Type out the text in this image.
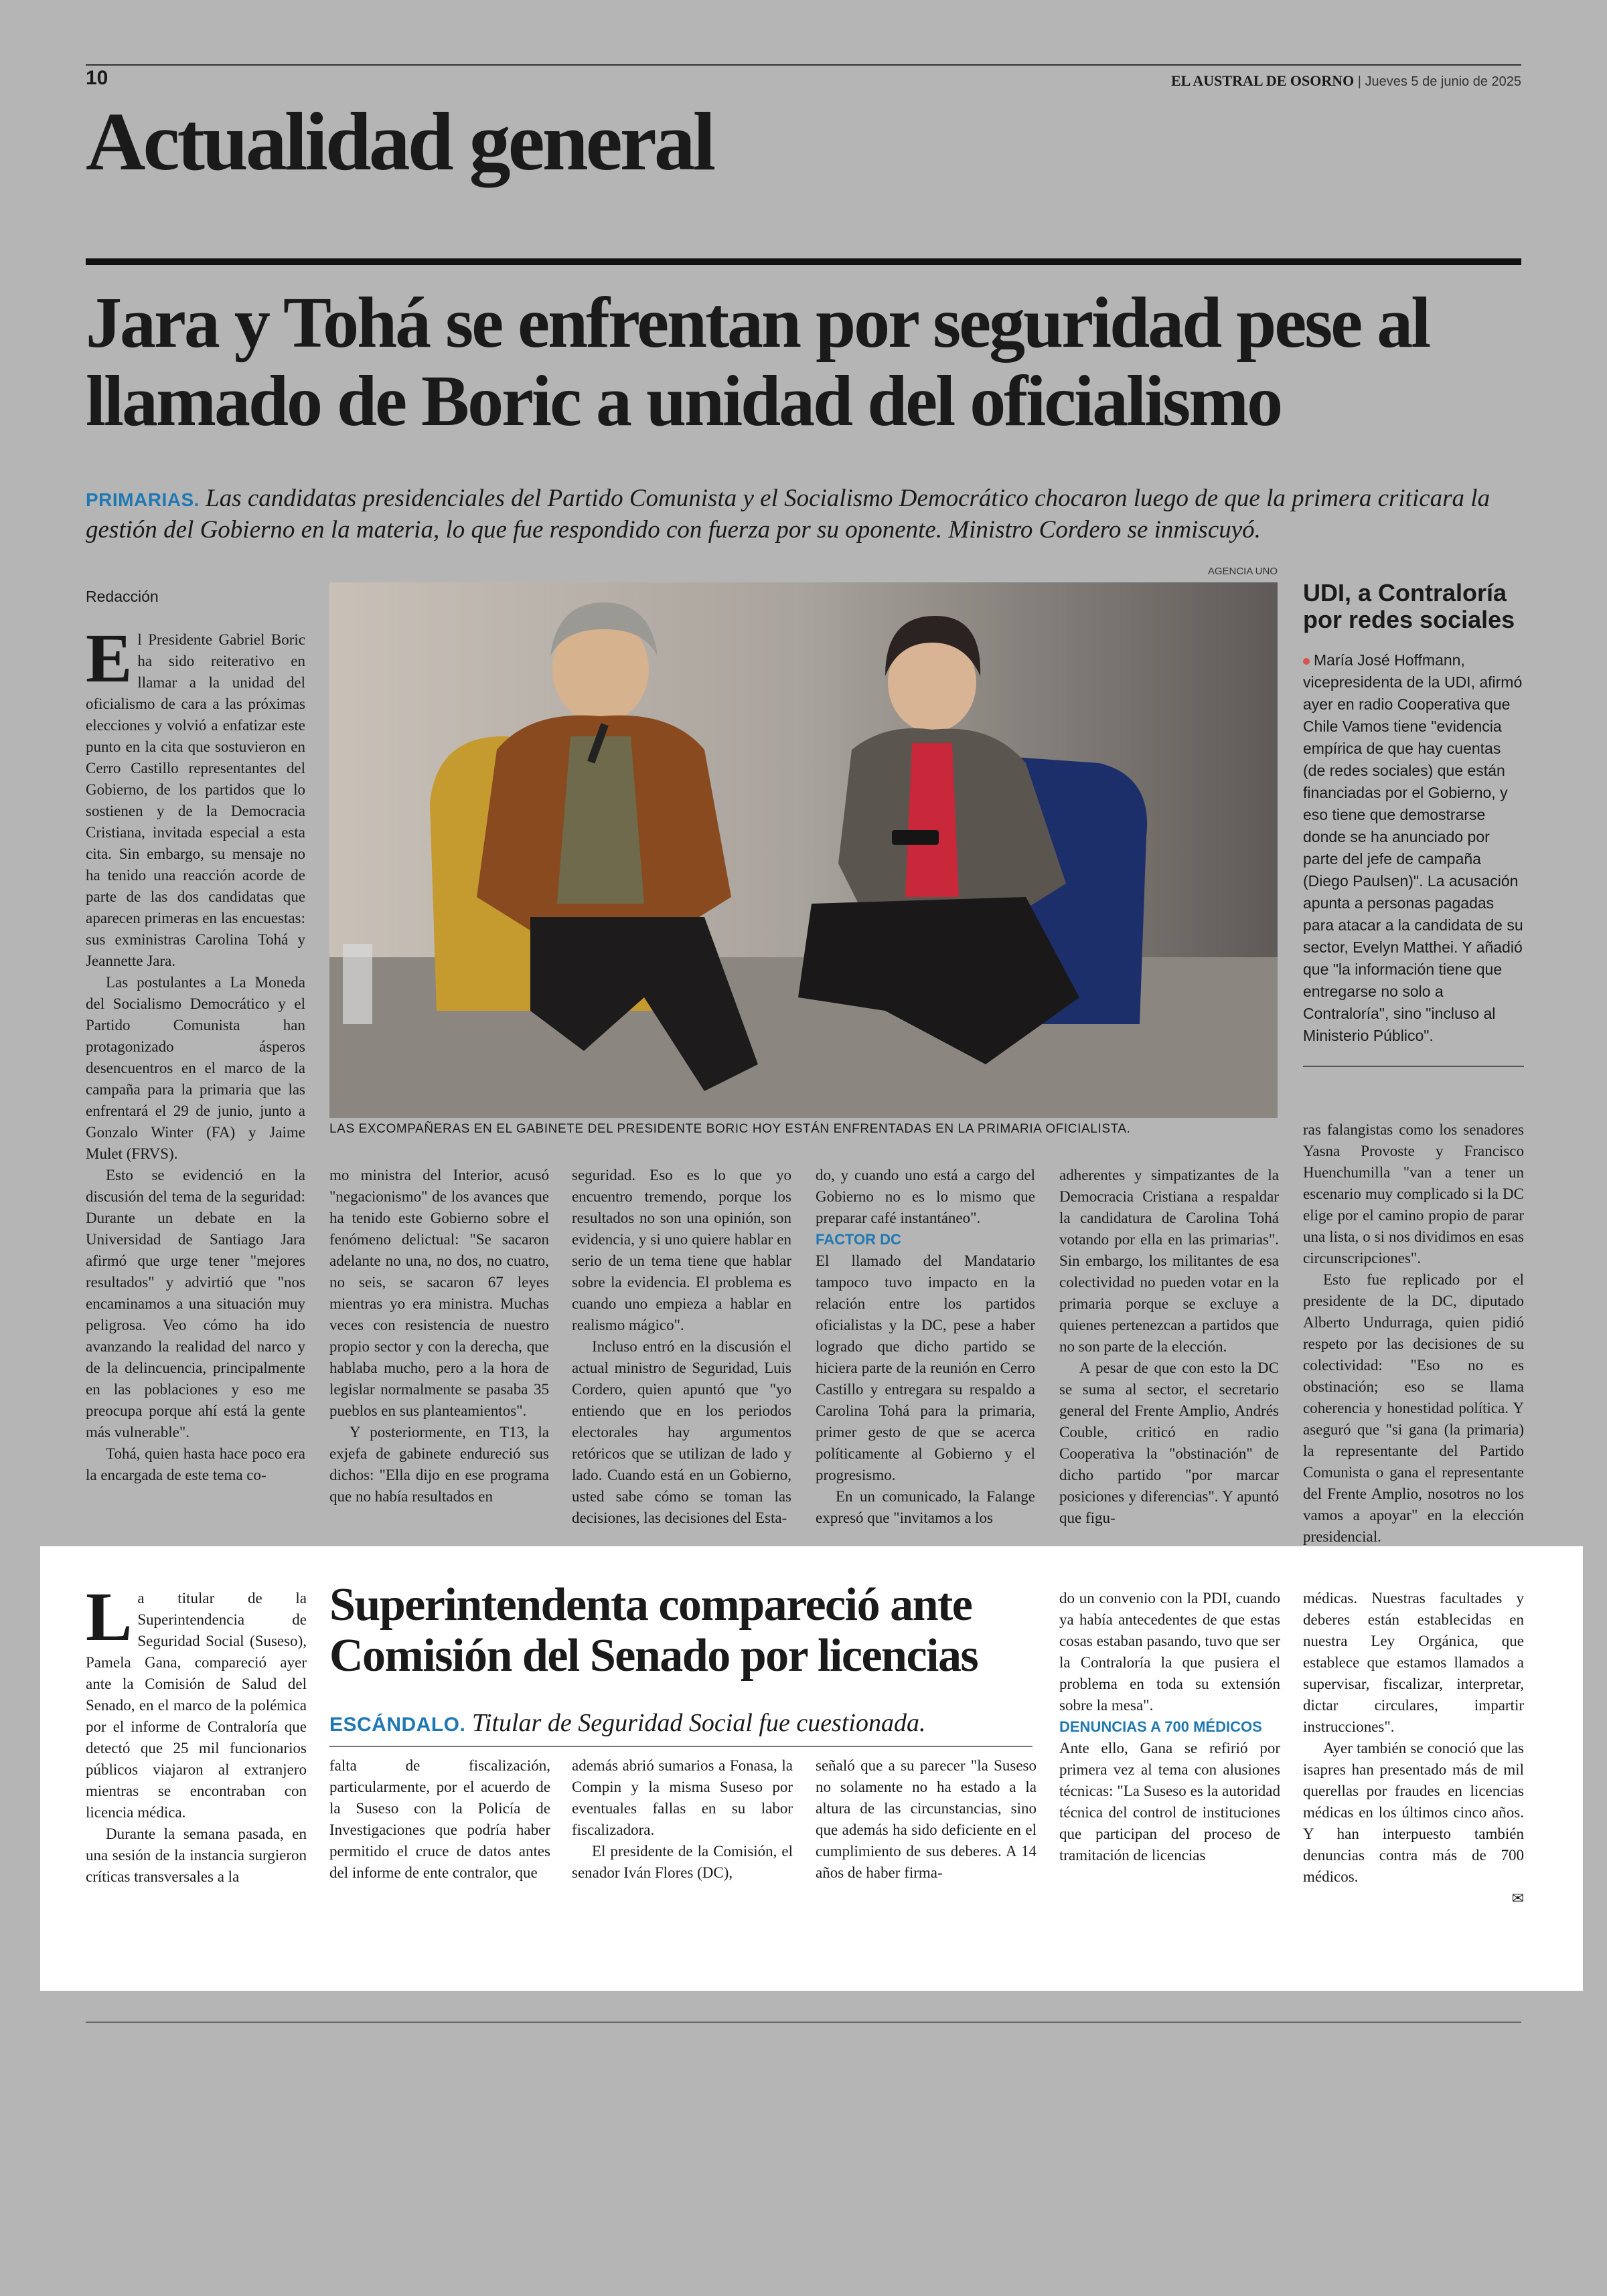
10	EL AUSTRAL DE OSORNO | Jueves 5 de junio de 2025
Actualidad general
Jara y Tohá se enfrentan por seguridad pese al llamado de Boric a unidad del oficialismo
PRIMARIAS. Las candidatas presidenciales del Partido Comunista y el Socialismo Democrático chocaron luego de que la primera criticara la gestión del Gobierno en la materia, lo que fue respondido con fuerza por su oponente. Ministro Cordero se inmiscuyó.
Redacción

El Presidente Gabriel Boric ha sido reiterativo en llamar a la unidad del oficialismo de cara a las próximas elecciones y volvió a enfatizar este punto en la cita que sostuvieron en Cerro Castillo representantes del Gobierno, de los partidos que lo sostienen y de la Democracia Cristiana, invitada especial a esta cita. Sin embargo, su mensaje no ha tenido una reacción acorde de parte de las dos candidatas que aparecen primeras en las encuestas: sus exministras Carolina Tohá y Jeannette Jara.

Las postulantes a La Moneda del Socialismo Democrático y el Partido Comunista han protagonizado ásperos desencuentros en el marco de la campaña para la primaria que las enfrentará el 29 de junio, junto a Gonzalo Winter (FA) y Jaime Mulet (FRVS).

Esto se evidenció en la discusión del tema de la seguridad: Durante un debate en la Universidad de Santiago Jara afirmó que urge tener "mejores resultados" y advirtió que "nos encaminamos a una situación muy peligrosa. Veo cómo ha ido avanzando la realidad del narco y de la delincuencia, principalmente en las poblaciones y eso me preocupa porque ahí está la gente más vulnerable".

Tohá, quien hasta hace poco era la encargada de este tema co-

AGENCIA UNO
LAS EXCOMPAÑERAS EN EL GABINETE DEL PRESIDENTE BORIC HOY ESTÁN ENFRENTADAS EN LA PRIMARIA OFICIALISTA.
UDI, a Contraloría por redes sociales
María José Hoffmann, vicepresidenta de la UDI, afirmó ayer en radio Cooperativa que Chile Vamos tiene "evidencia empírica de que hay cuentas (de redes sociales) que están financiadas por el Gobierno, y eso tiene que demostrarse donde se ha anunciado por parte del jefe de campaña (Diego Paulsen)". La acusación apunta a personas pagadas para atacar a la candidata de su sector, Evelyn Matthei. Y añadió que "la información tiene que entregarse no solo a Contraloría", sino "incluso al Ministerio Público".

mo ministra del Interior, acusó "negacionismo" de los avances que ha tenido este Gobierno sobre el fenómeno delictual: "Se sacaron adelante no una, no dos, no cuatro, no seis, se sacaron 67 leyes mientras yo era ministra. Muchas veces con resistencia de nuestro propio sector y con la derecha, que hablaba mucho, pero a la hora de legislar normalmente se pasaba 35 pueblos en sus planteamientos".

Y posteriormente, en T13, la exjefa de gabinete endureció sus dichos: "Ella dijo en ese programa que no había resultados en

seguridad. Eso es lo que yo encuentro tremendo, porque los resultados no son una opinión, son evidencia, y si uno quiere hablar en serio de un tema tiene que hablar sobre la evidencia. El problema es cuando uno empieza a hablar en realismo mágico".

Incluso entró en la discusión el actual ministro de Seguridad, Luis Cordero, quien apuntó que "yo entiendo que en los periodos electorales hay argumentos retóricos que se utilizan de lado y lado. Cuando está en un Gobierno, usted sabe cómo se toman las decisiones, las decisiones del Esta-

do, y cuando uno está a cargo del Gobierno no es lo mismo que preparar café instantáneo".

FACTOR DC

El llamado del Mandatario tampoco tuvo impacto en la relación entre los partidos oficialistas y la DC, pese a haber logrado que dicho partido se hiciera parte de la reunión en Cerro Castillo y entregara su respaldo a Carolina Tohá para la primaria, primer gesto de que se acerca políticamente al Gobierno y el progresismo.

En un comunicado, la Falange expresó que "invitamos a los

adherentes y simpatizantes de la Democracia Cristiana a respaldar la candidatura de Carolina Tohá votando por ella en las primarias". Sin embargo, los militantes de esa colectividad no pueden votar en la primaria porque se excluye a quienes pertenezcan a partidos que no son parte de la elección.

A pesar de que con esto la DC se suma al sector, el secretario general del Frente Amplio, Andrés Couble, criticó en radio Cooperativa la "obstinación" de dicho partido "por marcar posiciones y diferencias". Y apuntó que figu-

ras falangistas como los senadores Yasna Provoste y Francisco Huenchumilla "van a tener un escenario muy complicado si la DC elige por el camino propio de parar una lista, o si nos dividimos en esas circunscripciones".

Esto fue replicado por el presidente de la DC, diputado Alberto Undurraga, quien pidió respeto por las decisiones de su colectividad: "Eso no es obstinación; eso se llama coherencia y honestidad política. Y aseguró que "si gana (la primaria) la representante del Partido Comunista o gana el representante del Frente Amplio, nosotros no los vamos a apoyar" en la elección presidencial.

La titular de la Superintendencia de Seguridad Social (Suseso), Pamela Gana, compareció ayer ante la Comisión de Salud del Senado, en el marco de la polémica por el informe de Contraloría que detectó que 25 mil funcionarios públicos viajaron al extranjero mientras se encontraban con licencia médica.

Durante la semana pasada, en una sesión de la instancia surgieron críticas transversales a la

Superintendenta compareció ante Comisión del Senado por licencias
ESCÁNDALO. Titular de Seguridad Social fue cuestionada.

falta de fiscalización, particularmente, por el acuerdo de la Suseso con la Policía de Investigaciones que podría haber permitido el cruce de datos antes del informe de ente contralor, que

además abrió sumarios a Fonasa, la Compin y la misma Suseso por eventuales fallas en su labor fiscalizadora.

El presidente de la Comisión, el senador Iván Flores (DC),

señaló que a su parecer "la Suseso no solamente no ha estado a la altura de las circunstancias, sino que además ha sido deficiente en el cumplimiento de sus deberes. A 14 años de haber firma-

do un convenio con la PDI, cuando ya había antecedentes de que estas cosas estaban pasando, tuvo que ser la Contraloría la que pusiera el problema en toda su extensión sobre la mesa".

DENUNCIAS A 700 MÉDICOS

Ante ello, Gana se refirió por primera vez al tema con alusiones técnicas: "La Suseso es la autoridad técnica del control de instituciones que participan del proceso de tramitación de licencias

médicas. Nuestras facultades y deberes están establecidas en nuestra Ley Orgánica, que establece que estamos llamados a supervisar, fiscalizar, interpretar, dictar circulares, impartir instrucciones".

Ayer también se conoció que las isapres han presentado más de mil querellas por fraudes en licencias médicas en los últimos cinco años. Y han interpuesto también denuncias contra más de 700 médicos.

✉
